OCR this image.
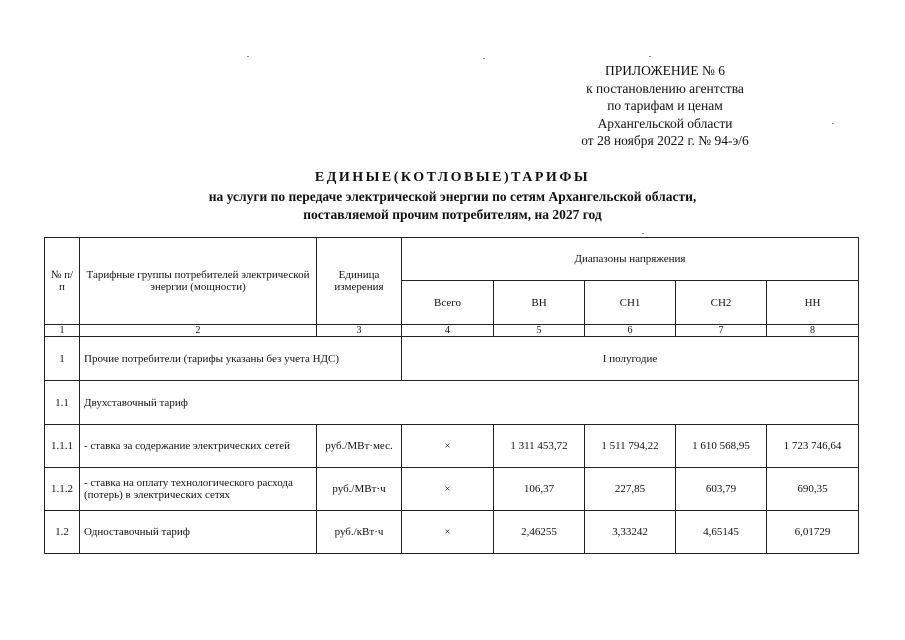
ПРИЛОЖЕНИЕ № 6
к постановлению агентства
по тарифам и ценам
Архангельской области
от 28 ноября 2022 г. № 94-э/6
ЕДИНЫЕ(КОТЛОВЫЕ)ТАРИФЫ
на услуги по передаче электрической энергии по сетям Архангельской области,
поставляемой прочим потребителям, на 2027 год
№ п/п	Тарифные группы потребителей электрической энергии (мощности)	Единица измерения	Диапазоны напряжения				
			Всего	ВН	СН1	СН2	НН
1	2	3	4	5	6	7	8
1	Прочие потребители (тарифы указаны без учета НДС)		I полугодие				
1.1	Двухставочный тариф						
1.1.1	- ставка за содержание электрических сетей	руб./МВт·мес.	×	1 311 453,72	1 511 794,22	1 610 568,95	1 723 746,64
1.1.2	- ставка на оплату технологического расхода (потерь) в электрических сетях	руб./МВт·ч	×	106,37	227,85	603,79	690,35
1.2	Одноставочный тариф	руб./кВт·ч	×	2,46255	3,33242	4,65145	6,01729
